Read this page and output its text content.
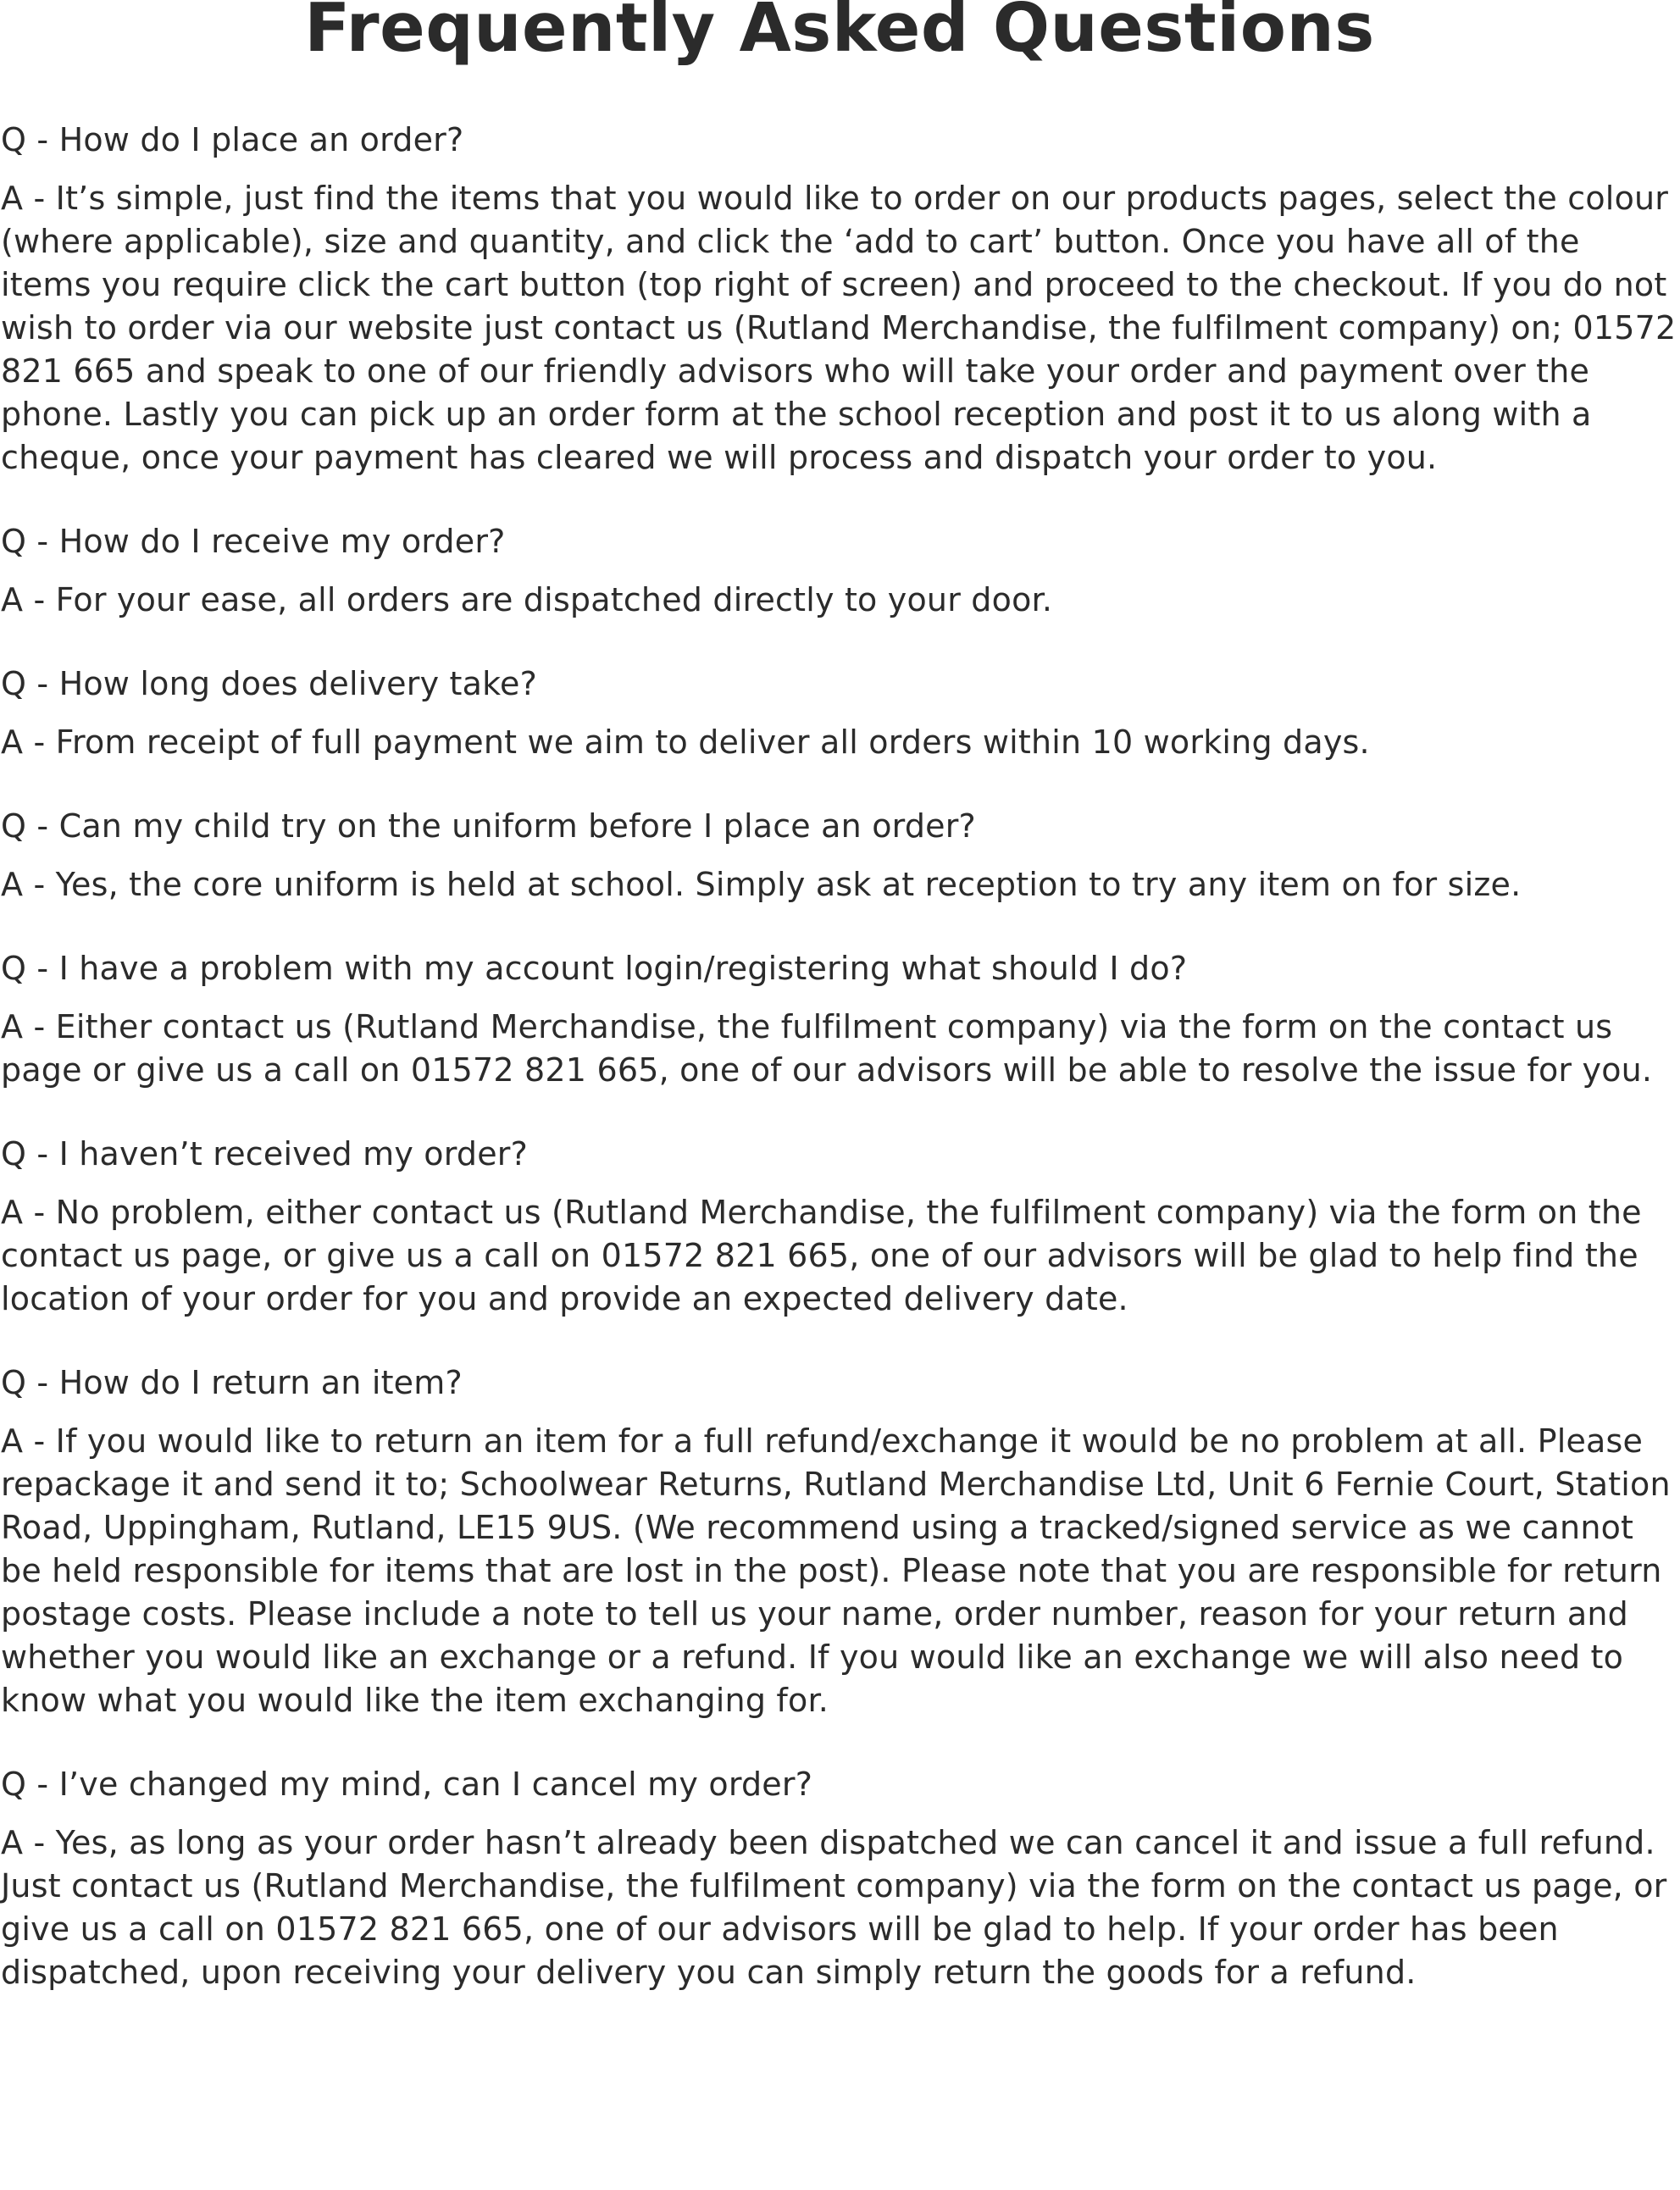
Frequently Asked Questions

Q - How do I place an order?

A - It’s simple, just find the items that you would like to order on our products pages, select the colour (where applicable), size and quantity, and click the ‘add to cart’ button. Once you have all of the items you require click the cart button (top right of screen) and proceed to the checkout. If you do not wish to order via our website just contact us (Rutland Merchandise, the fulfilment company) on; 01572 821 665 and speak to one of our friendly advisors who will take your order and payment over the phone. Lastly you can pick up an order form at the school reception and post it to us along with a cheque, once your payment has cleared we will process and dispatch your order to you.

Q - How do I receive my order?

A - For your ease, all orders are dispatched directly to your door.

Q - How long does delivery take?

A - From receipt of full payment we aim to deliver all orders within 10 working days.

Q - Can my child try on the uniform before I place an order?

A - Yes, the core uniform is held at school. Simply ask at reception to try any item on for size.

Q - I have a problem with my account login/registering what should I do?

A - Either contact us (Rutland Merchandise, the fulfilment company) via the form on the contact us page or give us a call on 01572 821 665, one of our advisors will be able to resolve the issue for you.

Q - I haven’t received my order?

A - No problem, either contact us (Rutland Merchandise, the fulfilment company) via the form on the contact us page, or give us a call on 01572 821 665, one of our advisors will be glad to help find the location of your order for you and provide an expected delivery date.

Q - How do I return an item?

A - If you would like to return an item for a full refund/exchange it would be no problem at all. Please repackage it and send it to; Schoolwear Returns, Rutland Merchandise Ltd, Unit 6 Fernie Court, Station Road, Uppingham, Rutland, LE15 9US. (We recommend using a tracked/signed service as we cannot be held responsible for items that are lost in the post). Please note that you are responsible for return postage costs. Please include a note to tell us your name, order number, reason for your return and whether you would like an exchange or a refund. If you would like an exchange we will also need to know what you would like the item exchanging for.

Q - I’ve changed my mind, can I cancel my order?

A - Yes, as long as your order hasn’t already been dispatched we can cancel it and issue a full refund. Just contact us (Rutland Merchandise, the fulfilment company) via the form on the contact us page, or give us a call on 01572 821 665, one of our advisors will be glad to help. If your order has been dispatched, upon receiving your delivery you can simply return the goods for a refund.
